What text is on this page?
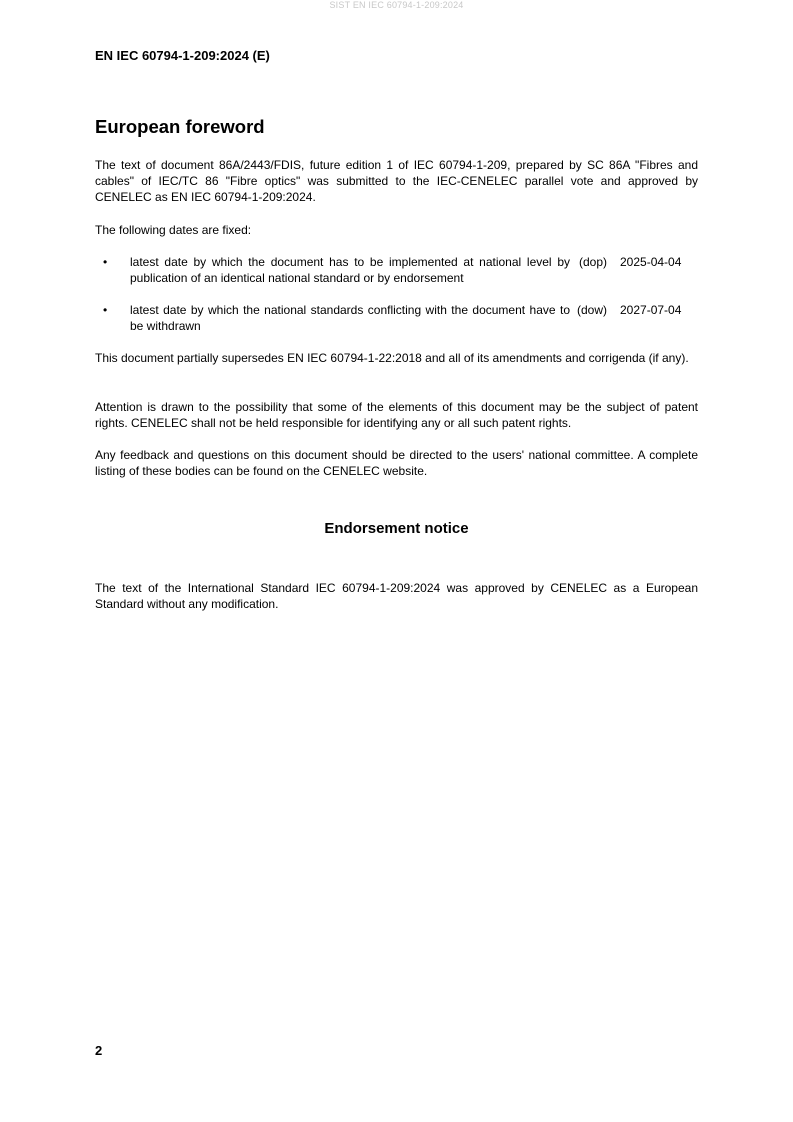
SIST EN IEC 60794-1-209:2024
EN IEC 60794-1-209:2024 (E)
European foreword

The text of document 86A/2443/FDIS, future edition 1 of IEC 60794-1-209, prepared by SC 86A "Fibres and cables" of IEC/TC 86 "Fibre optics" was submitted to the IEC-CENELEC parallel vote and approved by CENELEC as EN IEC 60794-1-209:2024.

The following dates are fixed:

• latest date by which the document has to be implemented at national level by publication of an identical national standard or by endorsement
(dop) 2025-04-04
• latest date by which the national standards conflicting with the document have to be withdrawn
(dow) 2027-07-04

This document partially supersedes EN IEC 60794-1-22:2018 and all of its amendments and corrigenda (if any).

Attention is drawn to the possibility that some of the elements of this document may be the subject of patent rights. CENELEC shall not be held responsible for identifying any or all such patent rights.

Any feedback and questions on this document should be directed to the users' national committee. A complete listing of these bodies can be found on the CENELEC website.

Endorsement notice

The text of the International Standard IEC 60794-1-209:2024 was approved by CENELEC as a European Standard without any modification.

2
